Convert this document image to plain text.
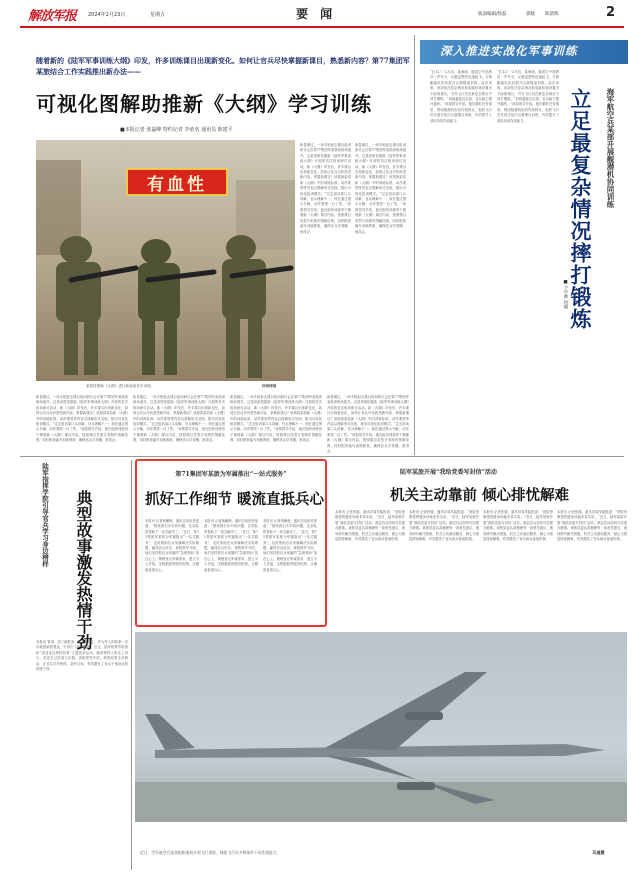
解放军报 2024年2月23日	星期五	要 闻	版面编辑/侯磊	郭晓 陈晨辉	2
随着新的《陆军军事训练大纲》印发，许多训练课目出现新变化。如何让官兵尽快掌握新课目，熟悉新内容？第77集团军某旅结合工作实践推出新办法——
可视化图解助推新《大纲》学习训练
■本报记者 张磊峰 特约记者 李依名 通讯员 陈建平
有血性
某旅按照新《大纲》进行新装备首次训练。	杨晓博摄
新春刚过，一场手枪射击课目组训研讨会在第77集团军某旅训练场展开。这是该旅依据新《陆军军事训练大纲》开展的首次组训研讨活动。新《大纲》印发后，许多课目出现新变化，如何让官兵尽快熟悉新内容、掌握新课目？该旅探索将新《大纲》中的训练标准、动作要领等内容以图解形式呈现，推出可视化组训模式。“过去组训靠口头讲解，官兵理解不一；现在通过图示分解，动作要领一目了然。”该旅领导介绍，他们组织训练骨干梳理新《大纲》课目内容，按照课目类型分类制作图解挂图，同时配套编写训练教案，确保官兵学得懂、练得会。
新春刚过，一场手枪射击课目组训研讨会在第77集团军某旅训练场展开。这是该旅依据新《陆军军事训练大纲》开展的首次组训研讨活动。新《大纲》印发后，许多课目出现新变化，如何让官兵尽快熟悉新内容、掌握新课目？该旅探索将新《大纲》中的训练标准、动作要领等内容以图解形式呈现，推出可视化组训模式。“过去组训靠口头讲解，官兵理解不一；现在通过图示分解，动作要领一目了然。”该旅领导介绍，他们组织训练骨干梳理新《大纲》课目内容，按照课目类型分类制作图解挂图，同时配套编写训练教案，确保官兵学得懂、练得会。
新春刚过，一场手枪射击课目组训研讨会在第77集团军某旅训练场展开。这是该旅依据新《陆军军事训练大纲》开展的首次组训研讨活动。新《大纲》印发后，许多课目出现新变化，如何让官兵尽快熟悉新内容、掌握新课目？该旅探索将新《大纲》中的训练标准、动作要领等内容以图解形式呈现，推出可视化组训模式。“过去组训靠口头讲解，官兵理解不一；现在通过图示分解，动作要领一目了然。”该旅领导介绍，他们组织训练骨干梳理新《大纲》课目内容，按照课目类型分类制作图解挂图，同时配套编写训练教案，确保官兵学得懂、练得会。
新春刚过，一场手枪射击课目组训研讨会在第77集团军某旅训练场展开。这是该旅依据新《陆军军事训练大纲》开展的首次组训研讨活动。新《大纲》印发后，许多课目出现新变化，如何让官兵尽快熟悉新内容、掌握新课目？该旅探索将新《大纲》中的训练标准、动作要领等内容以图解形式呈现，推出可视化组训模式。“过去组训靠口头讲解，官兵理解不一；现在通过图示分解，动作要领一目了然。”该旅领导介绍，他们组织训练骨干梳理新《大纲》课目内容，按照课目类型分类制作图解挂图，同时配套编写训练教案，确保官兵学得懂、练得会。
新春刚过，一场手枪射击课目组训研讨会在第77集团军某旅训练场展开。这是该旅依据新《陆军军事训练大纲》开展的首次组训研讨活动。新《大纲》印发后，许多课目出现新变化，如何让官兵尽快熟悉新内容、掌握新课目？该旅探索将新《大纲》中的训练标准、动作要领等内容以图解形式呈现，推出可视化组训模式。“过去组训靠口头讲解，官兵理解不一；现在通过图示分解，动作要领一目了然。”该旅领导介绍，他们组织训练骨干梳理新《大纲》课目内容，按照课目类型分类制作图解挂图，同时配套编写训练教案，确保官兵学得懂、练得会。
新春刚过，一场手枪射击课目组训研讨会在第77集团军某旅训练场展开。这是该旅依据新《陆军军事训练大纲》开展的首次组训研讨活动。新《大纲》印发后，许多课目出现新变化，如何让官兵尽快熟悉新内容、掌握新课目？该旅探索将新《大纲》中的训练标准、动作要领等内容以图解形式呈现，推出可视化组训模式。“过去组训靠口头讲解，官兵理解不一；现在通过图示分解，动作要领一目了然。”该旅领导介绍，他们组织训练骨干梳理新《大纲》课目内容，按照课目类型分类制作图解挂图，同时配套编写训练教案，确保官兵学得懂、练得会。
深入推进实战化军事训练
“红12！”2月初，某海域，随着空中指挥员一声号令，反潜巡逻机迅速起飞，与舰艇编队协同展开反潜搜索训练。此次训练，该部依托复杂海况和电磁环境设置多个险难课目，引导飞行员在最复杂情况下摔打锻炼。“训练越接近实战，官兵能力提升越快。”该部领导介绍，他们紧盯任务需求，围绕舰潜机协同作战特点，组织飞行员开展多批次反潜课目训练，有效提升了部队协同作战能力。
“红12！”2月初，某海域，随着空中指挥员一声号令，反潜巡逻机迅速起飞，与舰艇编队协同展开反潜搜索训练。此次训练，该部依托复杂海况和电磁环境设置多个险难课目，引导飞行员在最复杂情况下摔打锻炼。“训练越接近实战，官兵能力提升越快。”该部领导介绍，他们紧盯任务需求，围绕舰潜机协同作战特点，组织飞行员开展多批次反潜课目训练，有效提升了部队协同作战能力。
■卞中帅 何朝 立足最复杂情况摔打锻炼 海军航空兵某部开展舰潜机协同训练
典型故事激发热情干劲
陆军指挥学院引导官兵学习身边榜样
本报讯 鲁琪、刘三新报道：电子屏幕上，作为军人的故事一次次地感染着观众，引得台下掌声阵阵。近日，陆军指挥学院组织“讲述身边榜样故事”主题宣讲活动，邀请榜样人物走上讲台，讲述自己的奋斗历程。该院领导介绍，典型故事生动鲜活，让官兵学有榜样、赶有目标，有效激发了官兵干事创业的热情干劲。
第71集团军某旅为军属推出“一站式服务”
抓好工作细节 暖流直抵兵心
本报讯 记者黄鹏俊、通讯员吴世昊报道：“困扰我们多年的问题，在部队的帮助下一站式解决了。”近日，第71集团军某旅为军属推出“一站式服务”，及时帮助官兵家属解决实际难题，赢得官兵好评。该旅领导介绍，他们坚持把官兵家属的“急难愁盼”放在心上，梳理登记军属需求，建立专人对接、全程跟踪的服务机制，让暖流直抵兵心。
本报讯 记者黄鹏俊、通讯员吴世昊报道：“困扰我们多年的问题，在部队的帮助下一站式解决了。”近日，第71集团军某旅为军属推出“一站式服务”，及时帮助官兵家属解决实际难题，赢得官兵好评。该旅领导介绍，他们坚持把官兵家属的“急难愁盼”放在心上，梳理登记军属需求，建立专人对接、全程跟踪的服务机制，让暖流直抵兵心。
本报讯 记者黄鹏俊、通讯员吴世昊报道：“困扰我们多年的问题，在部队的帮助下一站式解决了。”近日，第71集团军某旅为军属推出“一站式服务”，及时帮助官兵家属解决实际难题，赢得官兵好评。该旅领导介绍，他们坚持把官兵家属的“急难愁盼”放在心上，梳理登记军属需求，建立专人对接、全程跟踪的服务机制，让暖流直抵兵心。
陆军某旅开展“我给党委写封信”活动
机关主动靠前 倾心排忧解难
本报讯 记者张健、通讯员周茂铭报道：“营院里修建的健身场地非常实用。”近日，陆军某旅开展“我给党委写封信”活动，基层官兵纷纷写信建言献策。该旅党委认真梳理每一条意见建议，逐项研究解决措施，机关主动靠前服务，倾心为基层排忧解难，有效激发了官兵练兵备战热情。
本报讯 记者张健、通讯员周茂铭报道：“营院里修建的健身场地非常实用。”近日，陆军某旅开展“我给党委写封信”活动，基层官兵纷纷写信建言献策。该旅党委认真梳理每一条意见建议，逐项研究解决措施，机关主动靠前服务，倾心为基层排忧解难，有效激发了官兵练兵备战热情。
本报讯 记者张健、通讯员周茂铭报道：“营院里修建的健身场地非常实用。”近日，陆军某旅开展“我给党委写封信”活动，基层官兵纷纷写信建言献策。该旅党委认真梳理每一条意见建议，逐项研究解决措施，机关主动靠前服务，倾心为基层排忧解难，有效激发了官兵练兵备战热情。
本报讯 记者张健、通讯员周茂铭报道：“营院里修建的健身场地非常实用。”近日，陆军某旅开展“我给党委写封信”活动，基层官兵纷纷写信建言献策。该旅党委认真梳理每一条意见建议，逐项研究解决措施，机关主动靠前服务，倾心为基层排忧解难，有效激发了官兵练兵备战热情。
近日，空军航空兵某部组织战机开展飞行训练，锤炼飞行员多种条件下的作战能力。	马道摄
